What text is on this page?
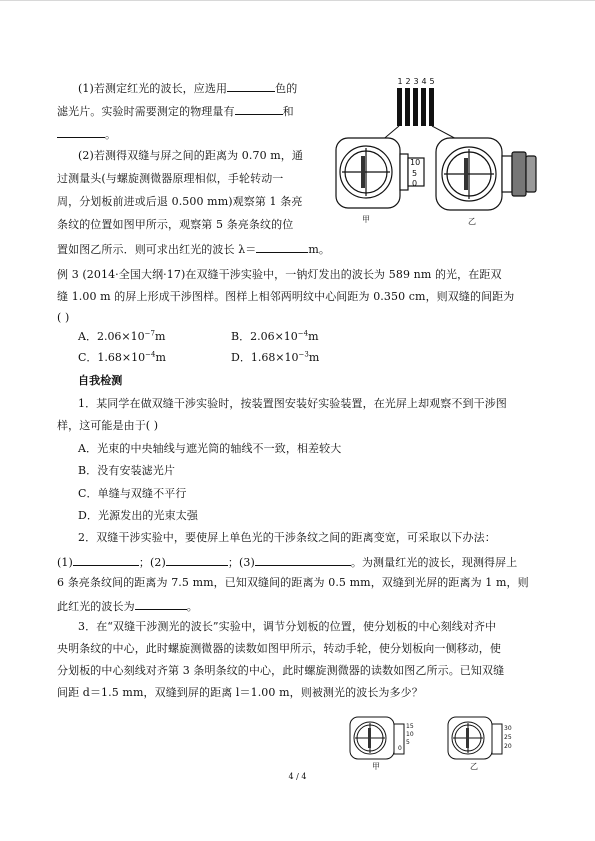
(1)若测定红光的波长，应选用	色的
滤光片。实验时需要测定的物理量有	和
。
(2)若测得双缝与屏之间的距离为 0.70 m，通
过测量头(与螺旋测微器原理相似，手轮转动一
周，分划板前进或后退 0.500 mm)观察第 1 条亮
条纹的位置如图甲所示，观察第 5 条亮条纹的位
置如图乙所示．则可求出红光的波长 λ＝	m。
1 2 3 4 5
10
5
0
甲	乙
例 3 (2014·全国大纲·17)在双缝干涉实验中，一钠灯发出的波长为 589 nm 的光，在距双
缝 1.00 m 的屏上形成干涉图样。图样上相邻两明纹中心间距为 0.350 cm，则双缝的间距为
( )
A．$2.06\times 10^{-7}m$	B．$2.06\times 10^{-4}m$
C．$1.68\times 10^{-4}m$	D．$1.68\times 10^{-3}m$
自我检测
1．某同学在做双缝干涉实验时，按装置图安装好实验装置，在光屏上却观察不到干涉图
样，这可能是由于( )
A．光束的中央轴线与遮光筒的轴线不一致，相差较大
B．没有安装滤光片
C．单缝与双缝不平行
D．光源发出的光束太强
2．双缝干涉实验中，要使屏上单色光的干涉条纹之间的距离变宽，可采取以下办法：
(1)	；(2)	；(3)	。为测量红光的波长，现测得屏上
6 条亮条纹间的距离为 7.5 mm，已知双缝间的距离为 0.5 mm，双缝到光屏的距离为 1 m，则
此红光的波长为	。
3．在“双缝干涉测光的波长”实验中，调节分划板的位置，使分划板的中心刻线对齐中
央明条纹的中心，此时螺旋测微器的读数如图甲所示，转动手轮，使分划板向一侧移动，使
分划板的中心刻线对齐第 3 条明条纹的中心，此时螺旋测微器的读数如图乙所示。已知双缝
间距 d＝1.5 mm，双缝到屏的距离 l＝1.00 m，则被测光的波长为多少？
15
10
5
0
甲
30
25
20
乙
4 / 4
